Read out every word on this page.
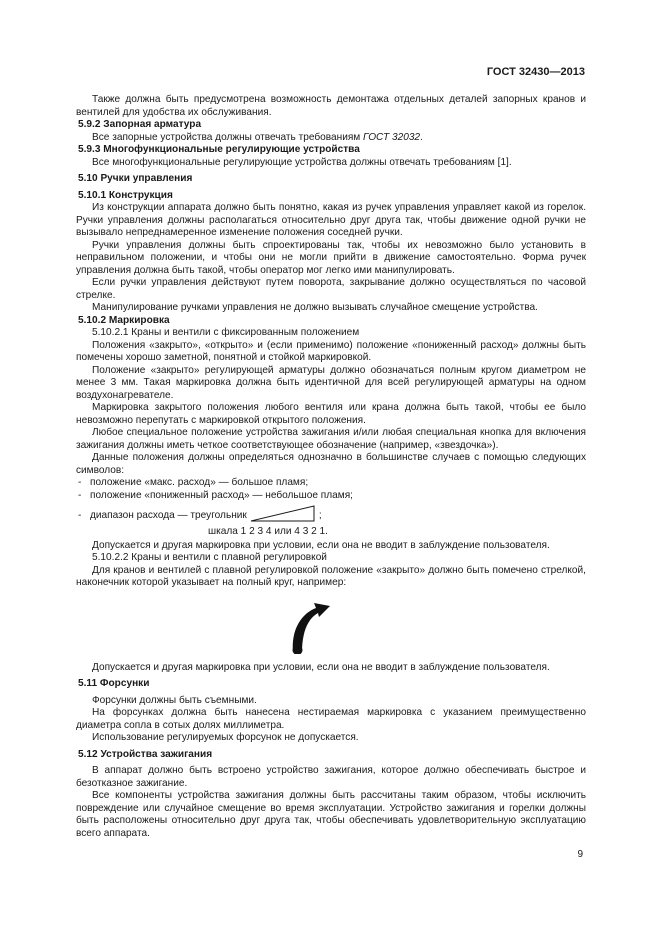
ГОСТ 32430—2013

Также должна быть предусмотрена возможность демонтажа отдельных деталей запорных кранов и вентилей для удобства их обслуживания.

5.9.2 Запорная арматура

Все запорные устройства должны отвечать требованиям ГОСТ 32032.

5.9.3 Многофункциональные регулирующие устройства

Все многофункциональные регулирующие устройства должны отвечать требованиям [1].

5.10 Ручки управления
5.10.1 Конструкция

Из конструкции аппарата должно быть понятно, какая из ручек управления управляет какой из горелок. Ручки управления должны располагаться относительно друг друга так, чтобы движение одной ручки не вызывало непреднамеренное изменение положения соседней ручки.

Ручки управления должны быть спроектированы так, чтобы их невозможно было установить в неправильном положении, и чтобы они не могли прийти в движение самостоятельно. Форма ручек управления должна быть такой, чтобы оператор мог легко ими манипулировать.

Если ручки управления действуют путем поворота, закрывание должно осуществляться по часовой стрелке.

Манипулирование ручками управления не должно вызывать случайное смещение устройства.

5.10.2 Маркировка

5.10.2.1 Краны и вентили с фиксированным положением

Положения «закрыто», «открыто» и (если применимо) положение «пониженный расход» должны быть помечены хорошо заметной, понятной и стойкой маркировкой.

Положение «закрыто» регулирующей арматуры должно обозначаться полным кругом диаметром не менее 3 мм. Такая маркировка должна быть идентичной для всей регулирующей арматуры на одном воздухонагревателе.

Маркировка закрытого положения любого вентиля или крана должна быть такой, чтобы ее было невозможно перепутать с маркировкой открытого положения.

Любое специальное положение устройства зажигания и/или любая специальная кнопка для включения зажигания должны иметь четкое соответствующее обозначение (например, «звездочка»).

Данные положения должны определяться однозначно в большинстве случаев с помощью следующих символов:

- положение «макс. расход» — большое пламя;
- положение «пониженный расход» — небольшое пламя;
- диапазон расхода — треугольник	;
шкала 1 2 3 4 или 4 3 2 1.

Допускается и другая маркировка при условии, если она не вводит в заблуждение пользователя.

5.10.2.2 Краны и вентили с плавной регулировкой

Для кранов и вентилей с плавной регулировкой положение «закрыто» должно быть помечено стрелкой, наконечник которой указывает на полный круг, например:

Допускается и другая маркировка при условии, если она не вводит в заблуждение пользователя.

5.11 Форсунки

Форсунки должны быть съемными.

На форсунках должна быть нанесена нестираемая маркировка с указанием преимущественно диаметра сопла в сотых долях миллиметра.

Использование регулируемых форсунок не допускается.

5.12 Устройства зажигания

В аппарат должно быть встроено устройство зажигания, которое должно обеспечивать быстрое и безотказное зажигание.

Все компоненты устройства зажигания должны быть рассчитаны таким образом, чтобы исключить повреждение или случайное смещение во время эксплуатации. Устройство зажигания и горелки должны быть расположены относительно друг друга так, чтобы обеспечивать удовлетворительную эксплуатацию всего аппарата.

9
